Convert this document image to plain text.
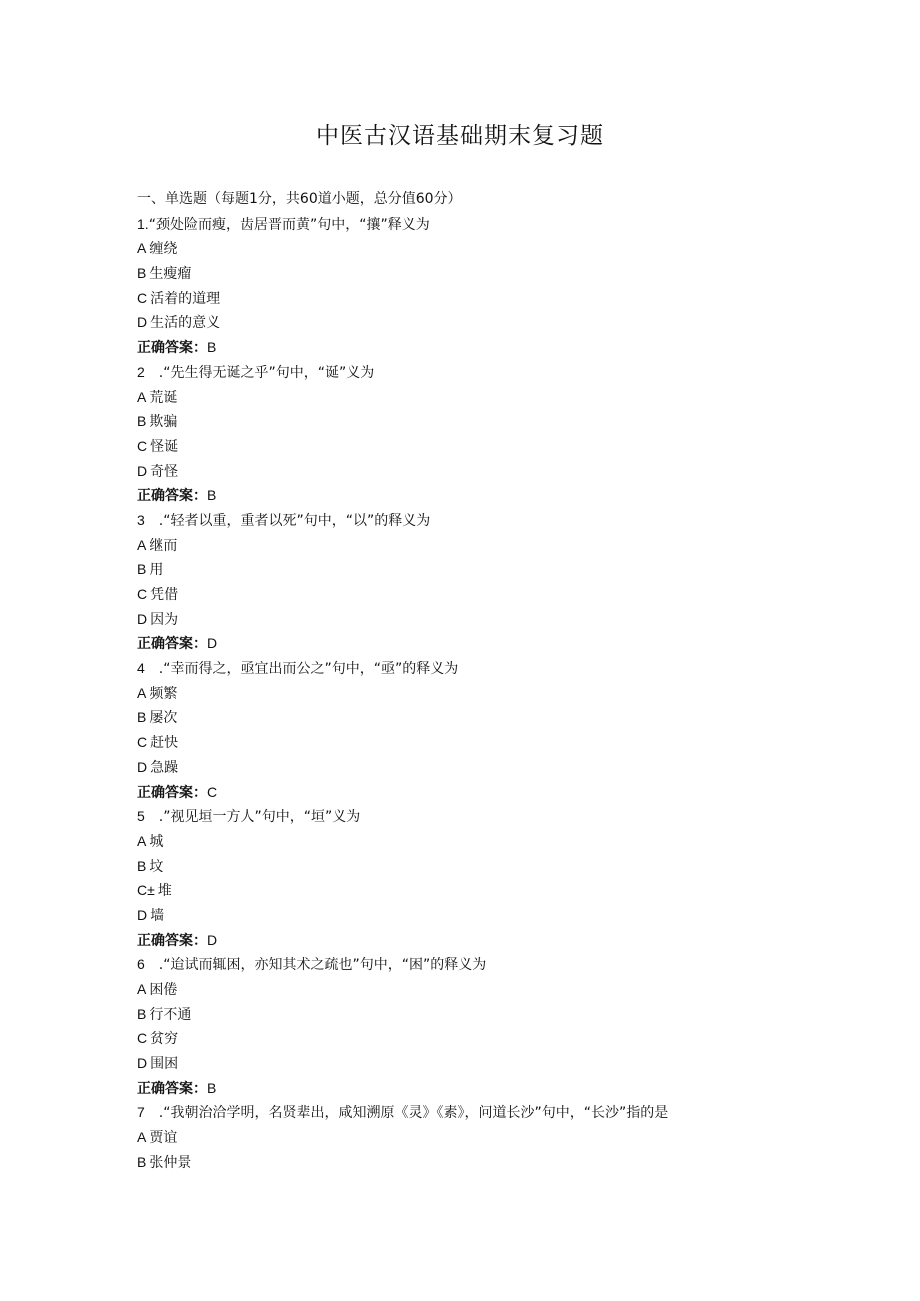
中医古汉语基础期末复习题
一、单选题（每题1分，共60道小题，总分值60分）
1.“颈处险而瘦，齿居晋而黄”句中，“攘”释义为
A 缠绕
B 生瘦瘤
C 活着的道理
D 生活的意义
正确答案：B
2 .“先生得无诞之乎”句中，“诞”义为
A 荒诞
B 欺骗
C 怪诞
D 奇怪
正确答案：B
3 .“轻者以重，重者以死”句中，“以”的释义为
A 继而
B 用
C 凭借
D 因为
正确答案：D
4 .“幸而得之，亟宜出而公之”句中，“亟”的释义为
A 频繁
B 屡次
C 赶快
D 急躁
正确答案：C
5 .”视见垣一方人”句中，“垣”义为
A 城
B 坟
C± 堆
D 墙
正确答案：D
6 .“迨试而辄困，亦知其术之疏也”句中，“困”的释义为
A 困倦
B 行不通
C 贫穷
D 围困
正确答案：B
7 .“我朝治洽学明，名贤辈出，咸知溯原《灵》《素》，问道长沙”句中，“长沙”指的是
A 贾谊
B 张仲景
